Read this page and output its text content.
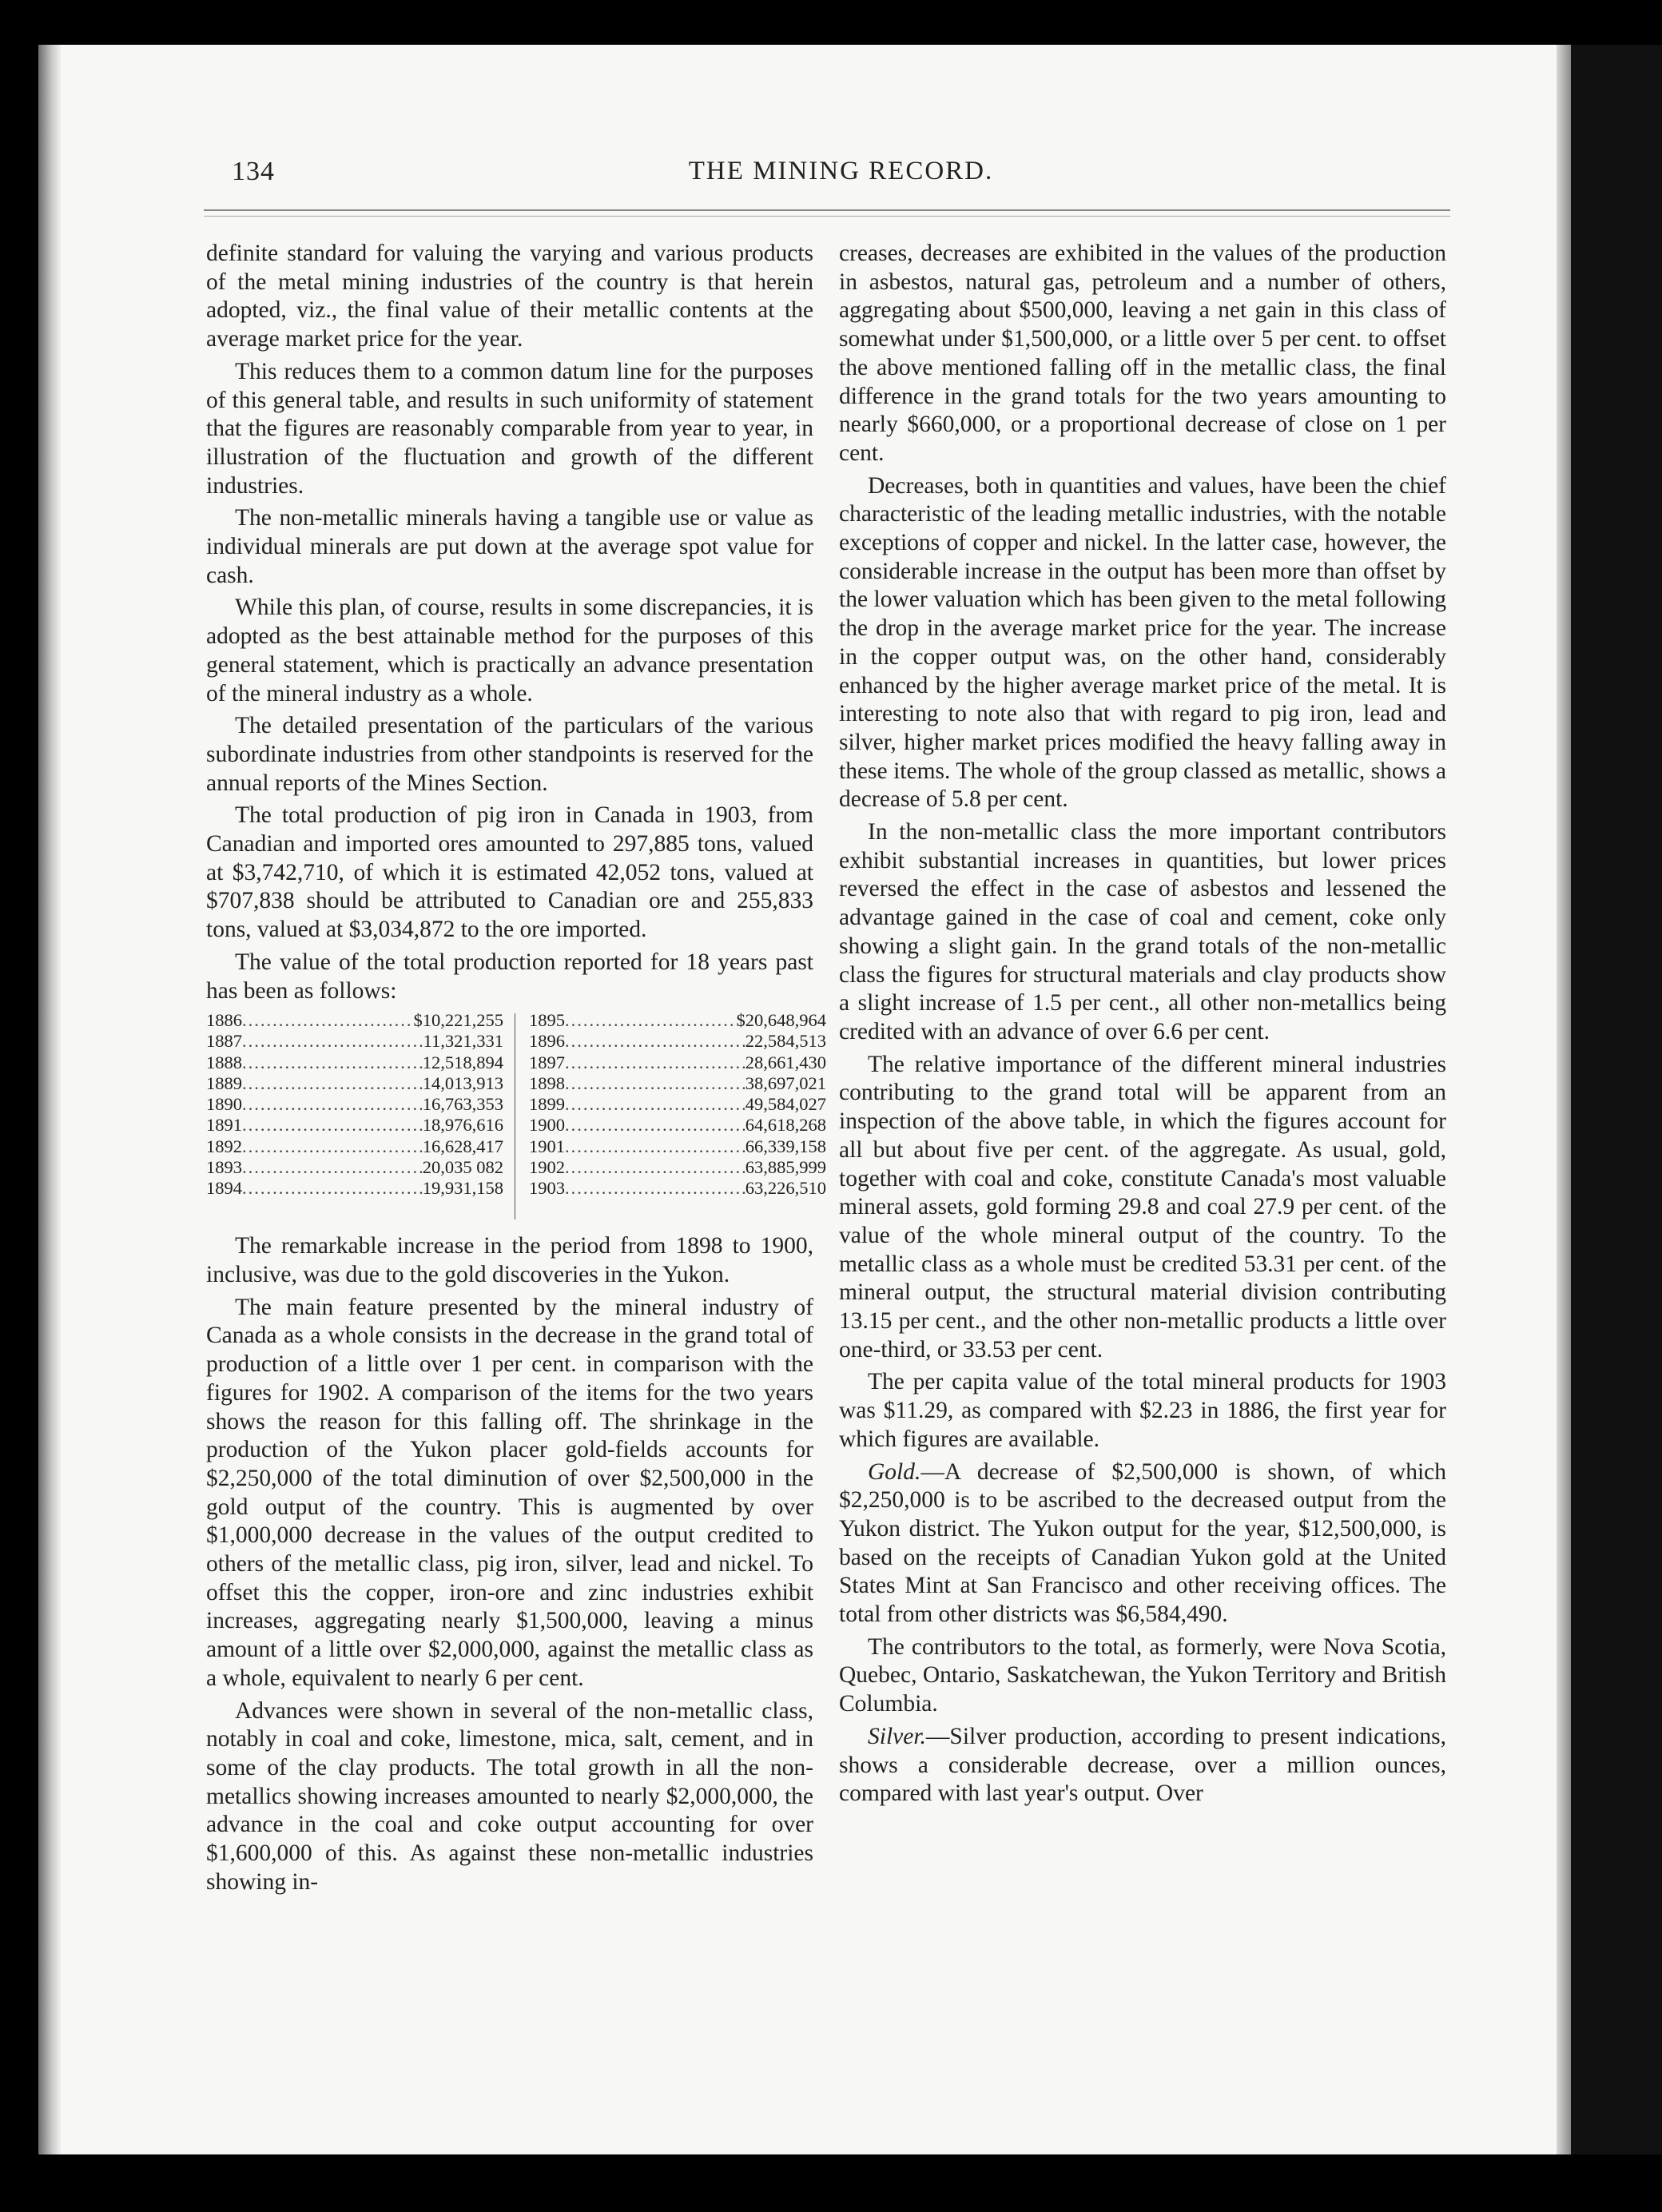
134	THE MINING RECORD.

definite standard for valuing the varying and various products of the metal mining industries of the country is that herein adopted, viz., the final value of their metallic contents at the average market price for the year.

This reduces them to a common datum line for the purposes of this general table, and results in such uniformity of statement that the figures are reasonably comparable from year to year, in illustration of the fluctuation and growth of the different industries.

The non-metallic minerals having a tangible use or value as individual minerals are put down at the average spot value for cash.

While this plan, of course, results in some discrepancies, it is adopted as the best attainable method for the purposes of this general statement, which is practically an advance presentation of the mineral industry as a whole.

The detailed presentation of the particulars of the various subordinate industries from other standpoints is reserved for the annual reports of the Mines Section.

The total production of pig iron in Canada in 1903, from Canadian and imported ores amounted to 297,885 tons, valued at $3,742,710, of which it is estimated 42,052 tons, valued at $707,838 should be attributed to Canadian ore and 255,833 tons, valued at $3,034,872 to the ore imported.

The value of the total production reported for 18 years past has been as follows:

1886 .....	$10,221,255
1887 .....	11,321,331
1888 .....	12,518,894
1889 .....	14,013,913
1890 .....	16,763,353
1891 .....	18,976,616
1892 .....	16,628,417
1893 .....	20,035 082
1894 .....	19,931,158
1895 .....	$20,648,964
1896 .....	22,584,513
1897 .....	28,661,430
1898 .....	38,697,021
1899 .....	49,584,027
1900 .....	64,618,268
1901 .....	66,339,158
1902 .....	63,885,999
1903 .....	63,226,510

The remarkable increase in the period from 1898 to 1900, inclusive, was due to the gold discoveries in the Yukon.

The main feature presented by the mineral industry of Canada as a whole consists in the decrease in the grand total of production of a little over 1 per cent. in comparison with the figures for 1902. A comparison of the items for the two years shows the reason for this falling off. The shrinkage in the production of the Yukon placer gold-fields accounts for $2,250,000 of the total diminution of over $2,500,000 in the gold output of the country. This is augmented by over $1,000,000 decrease in the values of the output credited to others of the metallic class, pig iron, silver, lead and nickel. To offset this the copper, iron-ore and zinc industries exhibit increases, aggregating nearly $1,500,000, leaving a minus amount of a little over $2,000,000, against the metallic class as a whole, equivalent to nearly 6 per cent.

Advances were shown in several of the non-metallic class, notably in coal and coke, limestone, mica, salt, cement, and in some of the clay products. The total growth in all the non-metallics showing increases amounted to nearly $2,000,000, the advance in the coal and coke output accounting for over $1,600,000 of this. As against these non-metallic industries showing in-

creases, decreases are exhibited in the values of the production in asbestos, natural gas, petroleum and a number of others, aggregating about $500,000, leaving a net gain in this class of somewhat under $1,500,000, or a little over 5 per cent. to offset the above mentioned falling off in the metallic class, the final difference in the grand totals for the two years amounting to nearly $660,000, or a proportional decrease of close on 1 per cent.

Decreases, both in quantities and values, have been the chief characteristic of the leading metallic industries, with the notable exceptions of copper and nickel. In the latter case, however, the considerable increase in the output has been more than offset by the lower valuation which has been given to the metal following the drop in the average market price for the year. The increase in the copper output was, on the other hand, considerably enhanced by the higher average market price of the metal. It is interesting to note also that with regard to pig iron, lead and silver, higher market prices modified the heavy falling away in these items. The whole of the group classed as metallic, shows a decrease of 5.8 per cent.

In the non-metallic class the more important contributors exhibit substantial increases in quantities, but lower prices reversed the effect in the case of asbestos and lessened the advantage gained in the case of coal and cement, coke only showing a slight gain. In the grand totals of the non-metallic class the figures for structural materials and clay products show a slight increase of 1.5 per cent., all other non-metallics being credited with an advance of over 6.6 per cent.

The relative importance of the different mineral industries contributing to the grand total will be apparent from an inspection of the above table, in which the figures account for all but about five per cent. of the aggregate. As usual, gold, together with coal and coke, constitute Canada's most valuable mineral assets, gold forming 29.8 and coal 27.9 per cent. of the value of the whole mineral output of the country. To the metallic class as a whole must be credited 53.31 per cent. of the mineral output, the structural material division contributing 13.15 per cent., and the other non-metallic products a little over one-third, or 33.53 per cent.

The per capita value of the total mineral products for 1903 was $11.29, as compared with $2.23 in 1886, the first year for which figures are available.

Gold.—A decrease of $2,500,000 is shown, of which $2,250,000 is to be ascribed to the decreased output from the Yukon district. The Yukon output for the year, $12,500,000, is based on the receipts of Canadian Yukon gold at the United States Mint at San Francisco and other receiving offices. The total from other districts was $6,584,490.

The contributors to the total, as formerly, were Nova Scotia, Quebec, Ontario, Saskatchewan, the Yukon Territory and British Columbia.

Silver.—Silver production, according to present indications, shows a considerable decrease, over a million ounces, compared with last year's output. Over
